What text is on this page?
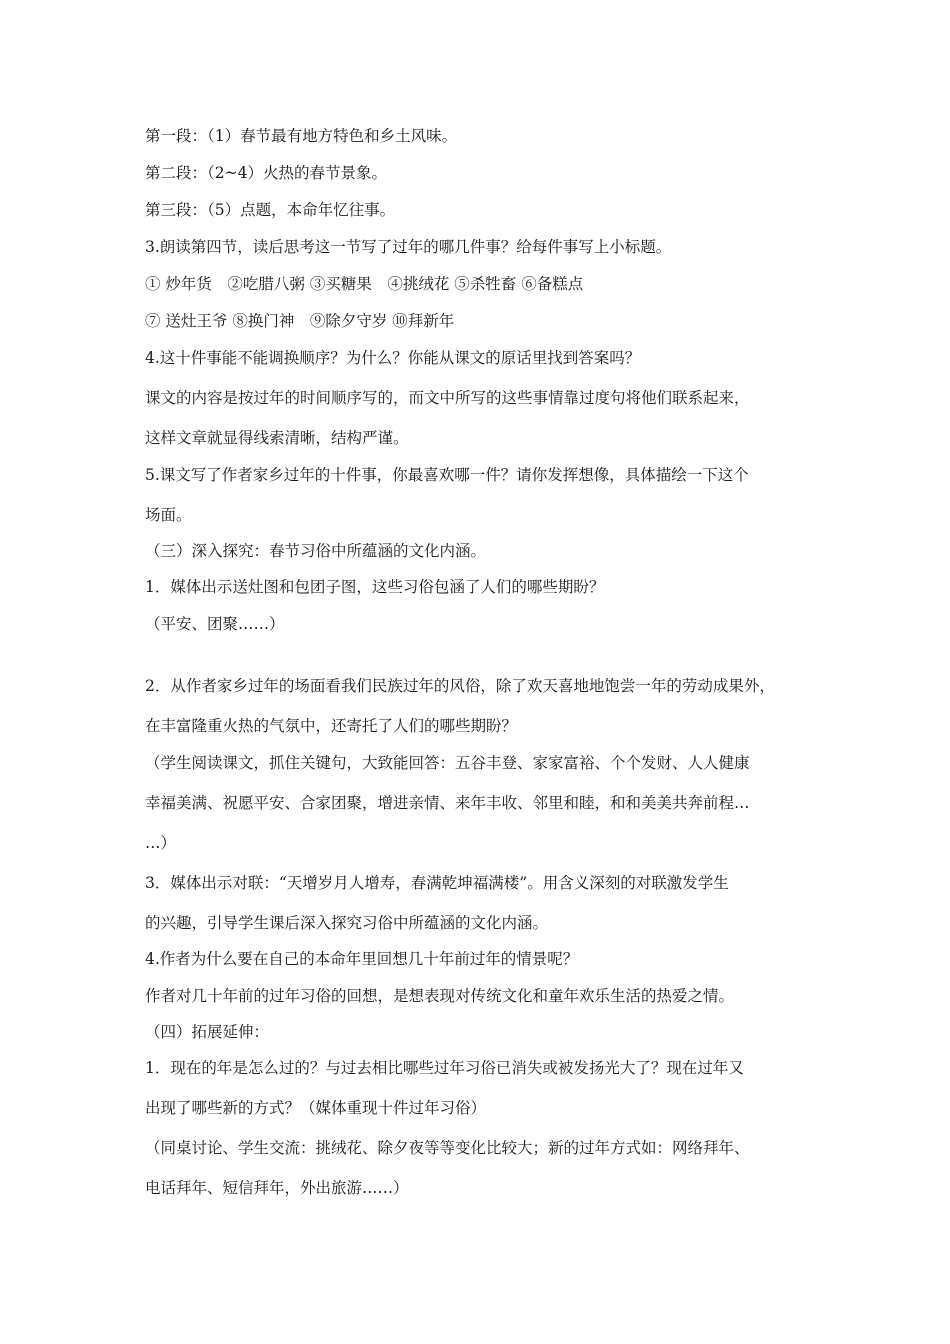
第一段：（1）春节最有地方特色和乡土风味。
第二段：（2~4）火热的春节景象。
第三段：（5）点题，本命年忆往事。
3.朗读第四节，读后思考这一节写了过年的哪几件事？给每件事写上小标题。
① 炒年货　②吃腊八粥 ③买糖果　④挑绒花 ⑤杀牲畜 ⑥备糕点
⑦ 送灶王爷 ⑧换门神　⑨除夕守岁 ⑩拜新年
4.这十件事能不能调换顺序？为什么？你能从课文的原话里找到答案吗？
课文的内容是按过年的时间顺序写的，而文中所写的这些事情靠过度句将他们联系起来，
这样文章就显得线索清晰，结构严谨。
5.课文写了作者家乡过年的十件事，你最喜欢哪一件？请你发挥想像，具体描绘一下这个
场面。
（三）深入探究：春节习俗中所蕴涵的文化内涵。
1．媒体出示送灶图和包团子图，这些习俗包涵了人们的哪些期盼？
（平安、团聚……）
2．从作者家乡过年的场面看我们民族过年的风俗，除了欢天喜地地饱尝一年的劳动成果外，
在丰富隆重火热的气氛中，还寄托了人们的哪些期盼？
（学生阅读课文，抓住关键句，大致能回答：五谷丰登、家家富裕、个个发财、人人健康
幸福美满、祝愿平安、合家团聚，增进亲情、来年丰收、邻里和睦，和和美美共奔前程…
…）
3．媒体出示对联：“天增岁月人增寿，春满乾坤福满楼”。用含义深刻的对联激发学生
的兴趣，引导学生课后深入探究习俗中所蕴涵的文化内涵。
4.作者为什么要在自己的本命年里回想几十年前过年的情景呢？
作者对几十年前的过年习俗的回想，是想表现对传统文化和童年欢乐生活的热爱之情。
（四）拓展延伸：
1．现在的年是怎么过的？与过去相比哪些过年习俗已消失或被发扬光大了？现在过年又
出现了哪些新的方式？（媒体重现十件过年习俗）
（同桌讨论、学生交流：挑绒花、除夕夜等等变化比较大；新的过年方式如：网络拜年、
电话拜年、短信拜年，外出旅游……）
